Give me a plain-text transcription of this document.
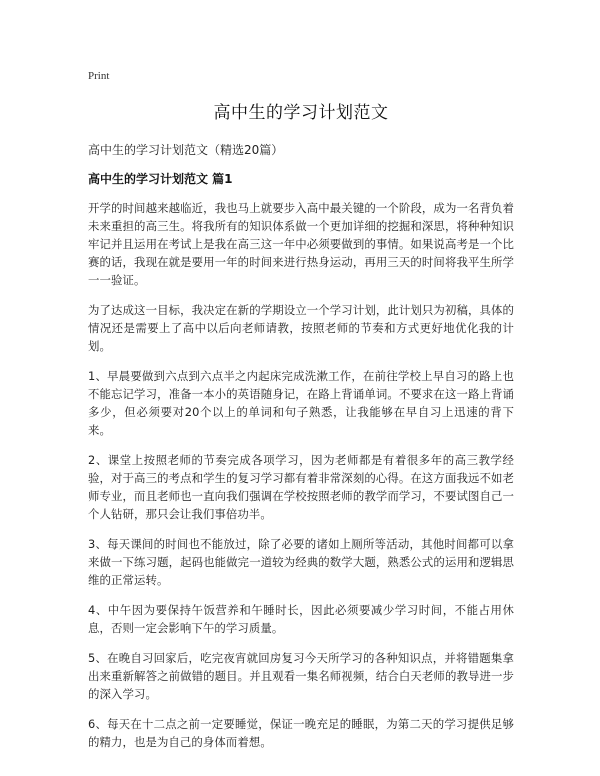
Print
高中生的学习计划范文

高中生的学习计划范文（精选20篇）

高中生的学习计划范文 篇1

开学的时间越来越临近，我也马上就要步入高中最关键的一个阶段，成为一名背负着未来重担的高三生。将我所有的知识体系做一个更加详细的挖掘和深思，将种种知识牢记并且运用在考试上是我在高三这一年中必须要做到的事情。如果说高考是一个比赛的话，我现在就是要用一年的时间来进行热身运动，再用三天的时间将我平生所学一一验证。

为了达成这一目标，我决定在新的学期设立一个学习计划，此计划只为初稿，具体的情况还是需要上了高中以后向老师请教，按照老师的节奏和方式更好地优化我的计划。

1、早晨要做到六点到六点半之内起床完成洗漱工作，在前往学校上早自习的路上也不能忘记学习，准备一本小的英语随身记，在路上背诵单词。不要求在这一路上背诵多少，但必须要对20个以上的单词和句子熟悉，让我能够在早自习上迅速的背下来。

2、课堂上按照老师的节奏完成各项学习，因为老师都是有着很多年的高三教学经验，对于高三的考点和学生的复习学习都有着非常深刻的心得。在这方面我远不如老师专业，而且老师也一直向我们强调在学校按照老师的教学而学习，不要试图自己一个人钻研，那只会让我们事倍功半。

3、每天课间的时间也不能放过，除了必要的诸如上厕所等活动，其他时间都可以拿来做一下练习题，起码也能做完一道较为经典的数学大题，熟悉公式的运用和逻辑思维的正常运转。

4、中午因为要保持午饭营养和午睡时长，因此必须要减少学习时间，不能占用休息，否则一定会影响下午的学习质量。

5、在晚自习回家后，吃完夜宵就回房复习今天所学习的各种知识点，并将错题集拿出来重新解答之前做错的题目。并且观看一集名师视频，结合白天老师的教导进一步的深入学习。

6、每天在十二点之前一定要睡觉，保证一晚充足的睡眠，为第二天的学习提供足够的精力，也是为自己的身体而着想。
